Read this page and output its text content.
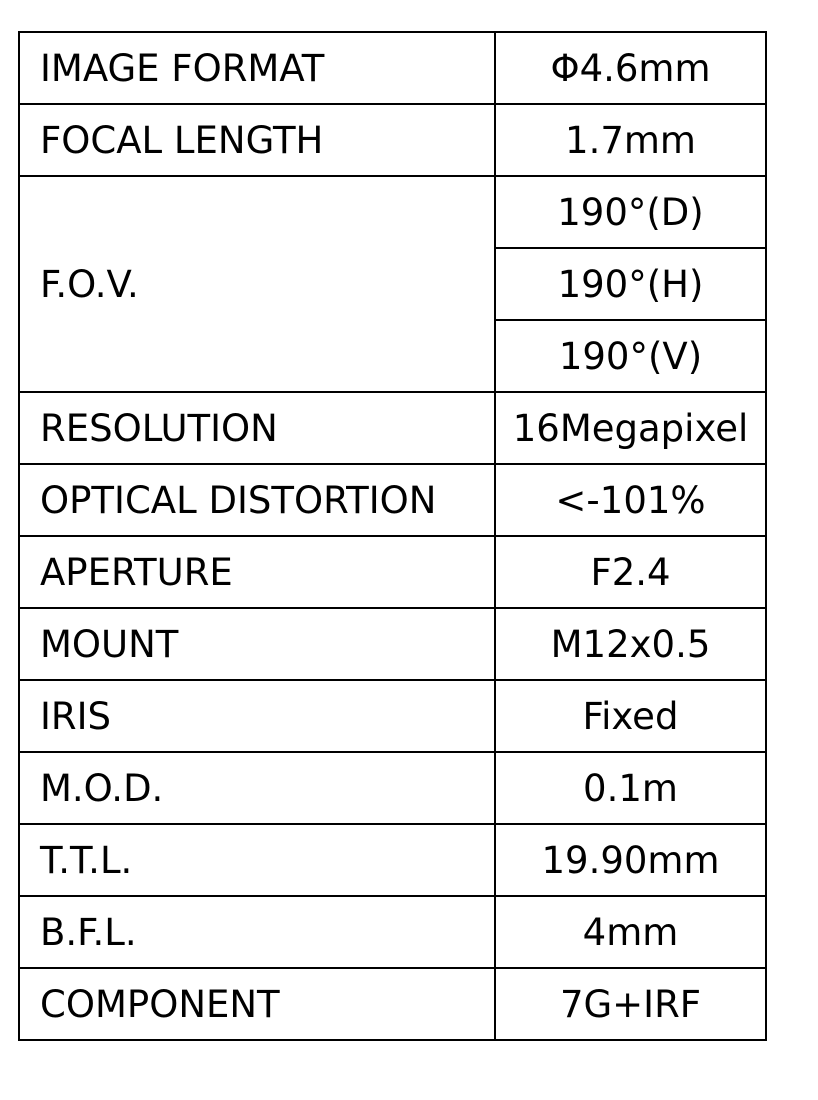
IMAGE FORMAT	Φ4.6mm
FOCAL LENGTH	1.7mm
F.O.V.	190°(D)
	190°(H)
	190°(V)
RESOLUTION	16Megapixel
OPTICAL DISTORTION	<-101%
APERTURE	F2.4
MOUNT	M12x0.5
IRIS	Fixed
M.O.D.	0.1m
T.T.L.	19.90mm
B.F.L.	4mm
COMPONENT	7G+IRF
